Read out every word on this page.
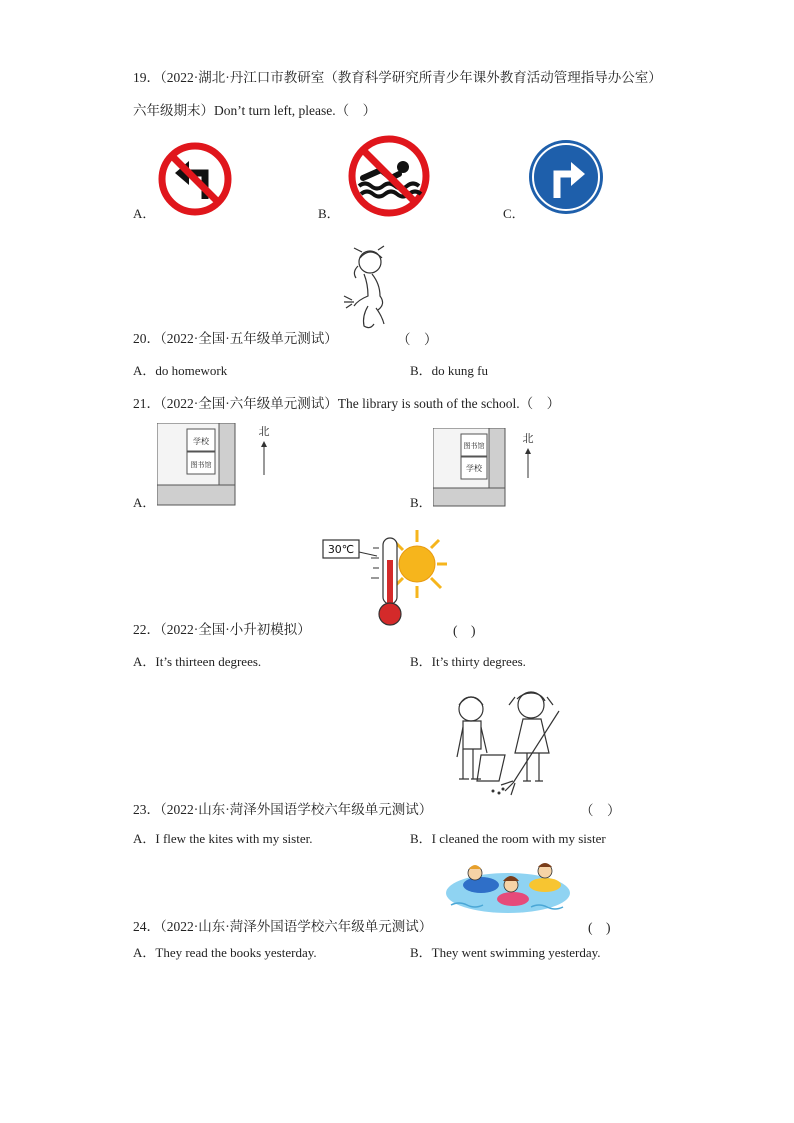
19．（2022·湖北·丹江口市教研室（教育科学研究所青少年课外教育活动管理指导办公室）
六年级期末）Don’t turn left, please.（　）
A．	B．	C．
20．（2022·全国·五年级单元测试）	（　）
A．do homework	B．do kung fu
21．（2022·全国·六年级单元测试）The library is south of the school.（　）
A．
学校
图书馆
北
B．
图书馆
学校
北
30℃
22．（2022·全国·小升初模拟）	(　)
A．It’s thirteen degrees.	B．It’s thirty degrees.
23．（2022·山东·菏泽外国语学校六年级单元测试）	（　）
A．I flew the kites with my sister.	B．I cleaned the room with my sister
24．（2022·山东·菏泽外国语学校六年级单元测试）	(　)
A．They read the books yesterday.	B．They went swimming yesterday.
